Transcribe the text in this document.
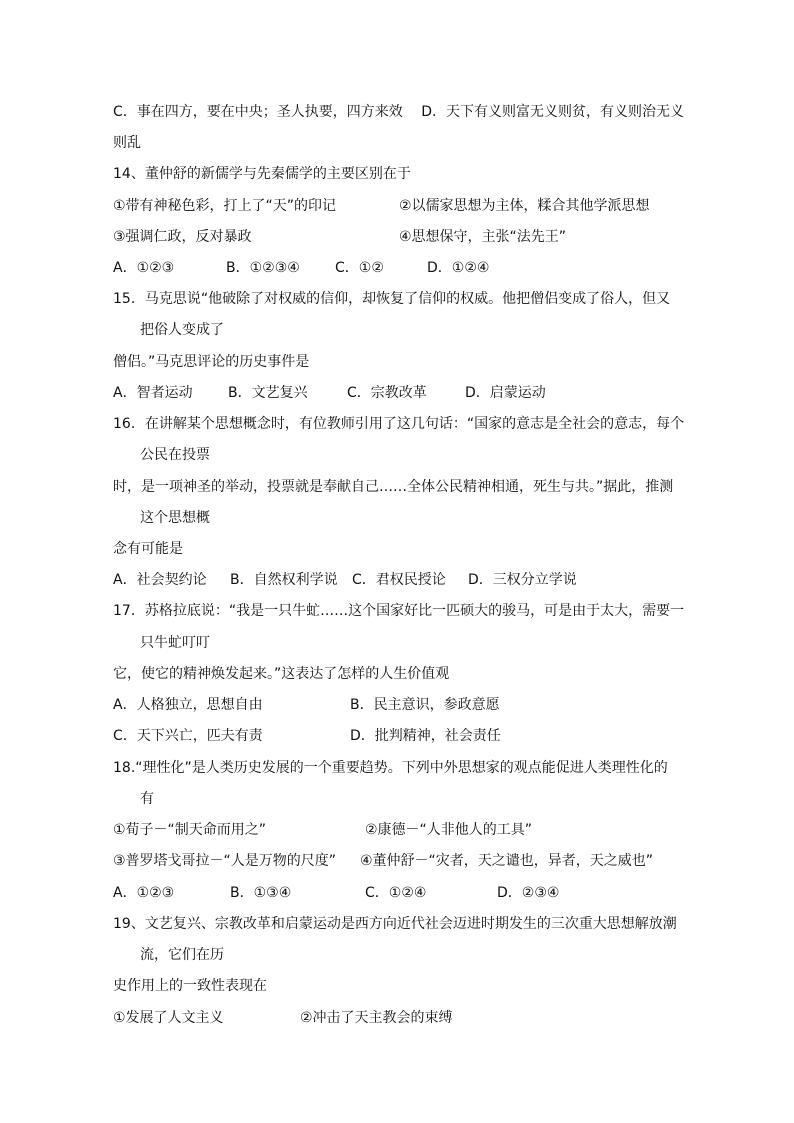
C．事在四方，要在中央；圣人执要，四方来效　 D．天下有义则富无义则贫，有义则治无义
则乱
14、董仲舒的新儒学与先秦儒学的主要区别在于
①带有神秘色彩，打上了“天”的印记	②以儒家思想为主体，糅合其他学派思想
③强调仁政，反对暴政	④思想保守，主张“法先王”
A．①②③	B．①②③④	C．①②	D．①②④
15．马克思说“他破除了对权威的信仰，却恢复了信仰的权威。他把僧侣变成了俗人，但又
把俗人变成了
僧侣。”马克思评论的历史事件是
A．智者运动	B．文艺复兴	C．宗教改革	D．启蒙运动
16．在讲解某个思想概念时，有位教师引用了这几句话：“国家的意志是全社会的意志，每个
公民在投票
时，是一项神圣的举动，投票就是奉献自己……全体公民精神相通，死生与共。”据此，推测
这个思想概
念有可能是
A．社会契约论 B．自然权利学说 C．君权民授论 D．三权分立学说
17．苏格拉底说：“我是一只牛虻……这个国家好比一匹硕大的骏马，可是由于太大，需要一
只牛虻叮叮
它，使它的精神焕发起来。”这表达了怎样的人生价值观
A．人格独立，思想自由	B．民主意识，参政意愿
C．天下兴亡，匹夫有责	D．批判精神，社会责任
18.“理性化”是人类历史发展的一个重要趋势。下列中外思想家的观点能促进人类理性化的
有
①荀子－“制天命而用之”	②康德－“人非他人的工具”
③普罗塔戈哥拉－“人是万物的尺度” ④董仲舒－“灾者，天之谴也，异者，天之威也”
A．①②③	B．①③④	C．①②④	D．②③④
19、文艺复兴、宗教改革和启蒙运动是西方向近代社会迈进时期发生的三次重大思想解放潮
流，它们在历
史作用上的一致性表现在
①发展了人文主义	②冲击了天主教会的束缚
